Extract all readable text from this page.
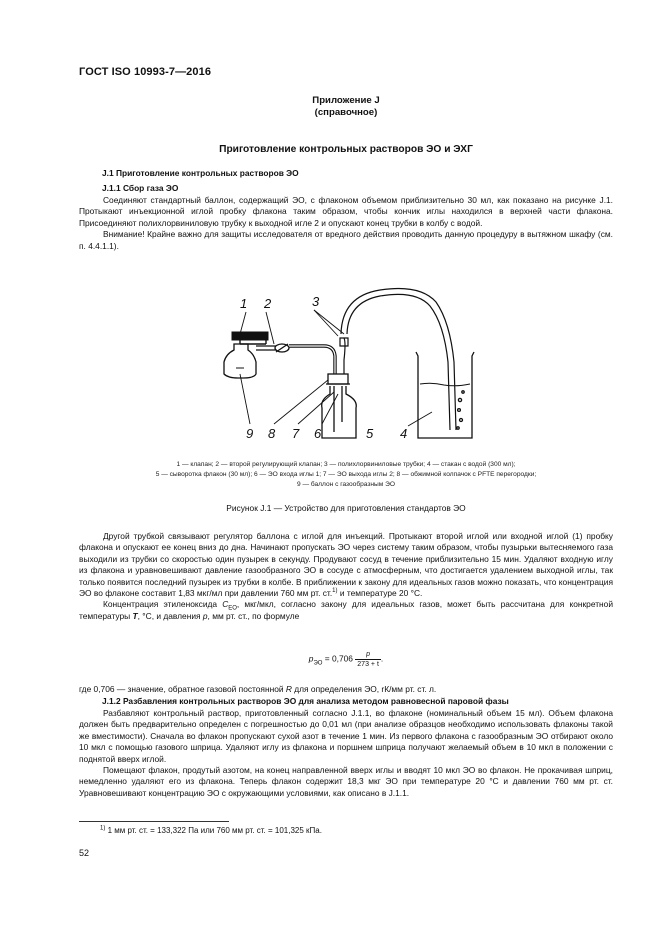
ГОСТ ISO 10993-7—2016
Приложение J
(справочное)
Приготовление контрольных растворов ЭО и ЭХГ
J.1 Приготовление контрольных растворов ЭО
J.1.1 Сбор газа ЭО

Соединяют стандартный баллон, содержащий ЭО, с флаконом объемом приблизительно 30 мл, как показано на рисунке J.1. Протыкают инъекционной иглой пробку флакона таким образом, чтобы кончик иглы находился в верхней части флакона. Присоединяют полихлорвиниловую трубку к выходной игле 2 и опускают конец трубки в колбу с водой.

Внимание! Крайне важно для защиты исследователя от вредного действия проводить данную процедуру в вытяжном шкафу (см. п. 4.4.1.1).

1 2	3
9 8 7 6	5 4

1 — клапан; 2 — второй регулирующий клапан; 3 — полихлорвиниловые трубки; 4 — стакан с водой (300 мл);

5 — сыворотка флакон (30 мл); 6 — ЭО входа иглы 1; 7 — ЭО выхода иглы 2; 8 — обжимной колпачок с PFTE перегородки;

9 — баллон с газообразным ЭО

Рисунок J.1 — Устройство для приготовления стандартов ЭО

Другой трубкой связывают регулятор баллона с иглой для инъекций. Протыкают второй иглой или входной иглой (1) пробку флакона и опускают ее конец вниз до дна. Начинают пропускать ЭО через систему таким образом, чтобы пузырьки вытесняемого газа выходили из трубки со скоростью один пузырек в секунду. Продувают сосуд в течение приблизительно 15 мин. Удаляют входную иглу из флакона и уравновешивают давление газообразного ЭО в сосуде с атмосферным, что достигается удалением выходной иглы, так только появится последний пузырек из трубки в колбе. В приближении к закону для идеальных газов можно показать, что концентрация ЭО во флаконе составит 1,83 мкг/мл при давлении 760 мм рт. ст.$^{1)}$ и температуре 20 °С.

Концентрация этиленоксида $C_{EO}$, мкг/мкл, согласно закону для идеальных газов, может быть рассчитана для конкретной температуры T, °С, и давления p, мм рт. ст., по формуле

$p_{ЭО} = 0,706 \frac{p}{273 + t}$ .
где 0,706 — значение, обратное газовой постоянной R для определения ЭО, rК/мм рт. ст. л.
J.1.2 Разбавления контрольных растворов ЭО для анализа методом равновесной паровой фазы

Разбавляют контрольный раствор, приготовленный согласно J.1.1, во флаконе (номинальный объем 15 мл). Объем флакона должен быть предварительно определен с погрешностью до 0,01 мл (при анализе образцов необходимо использовать флаконы такой же вместимости). Сначала во флакон пропускают сухой азот в течение 1 мин. Из первого флакона с газообразным ЭО отбирают около 10 мкл с помощью газового шприца. Удаляют иглу из флакона и поршнем шприца получают желаемый объем в 10 мкл в положении с поднятой вверх иглой.

Помещают флакон, продутый азотом, на конец направленной вверх иглы и вводят 10 мкл ЭО во флакон. Не прокачивая шприц, немедленно удаляют его из флакона. Теперь флакон содержит 18,3 мкг ЭО при температуре 20 °С и давлении 760 мм рт. ст. Уравновешивают концентрацию ЭО с окружающими условиями, как описано в J.1.1.

$^{1)}$ 1 мм рт. ст. = 133,322 Па или 760 мм рт. ст. = 101,325 кПа.
52
